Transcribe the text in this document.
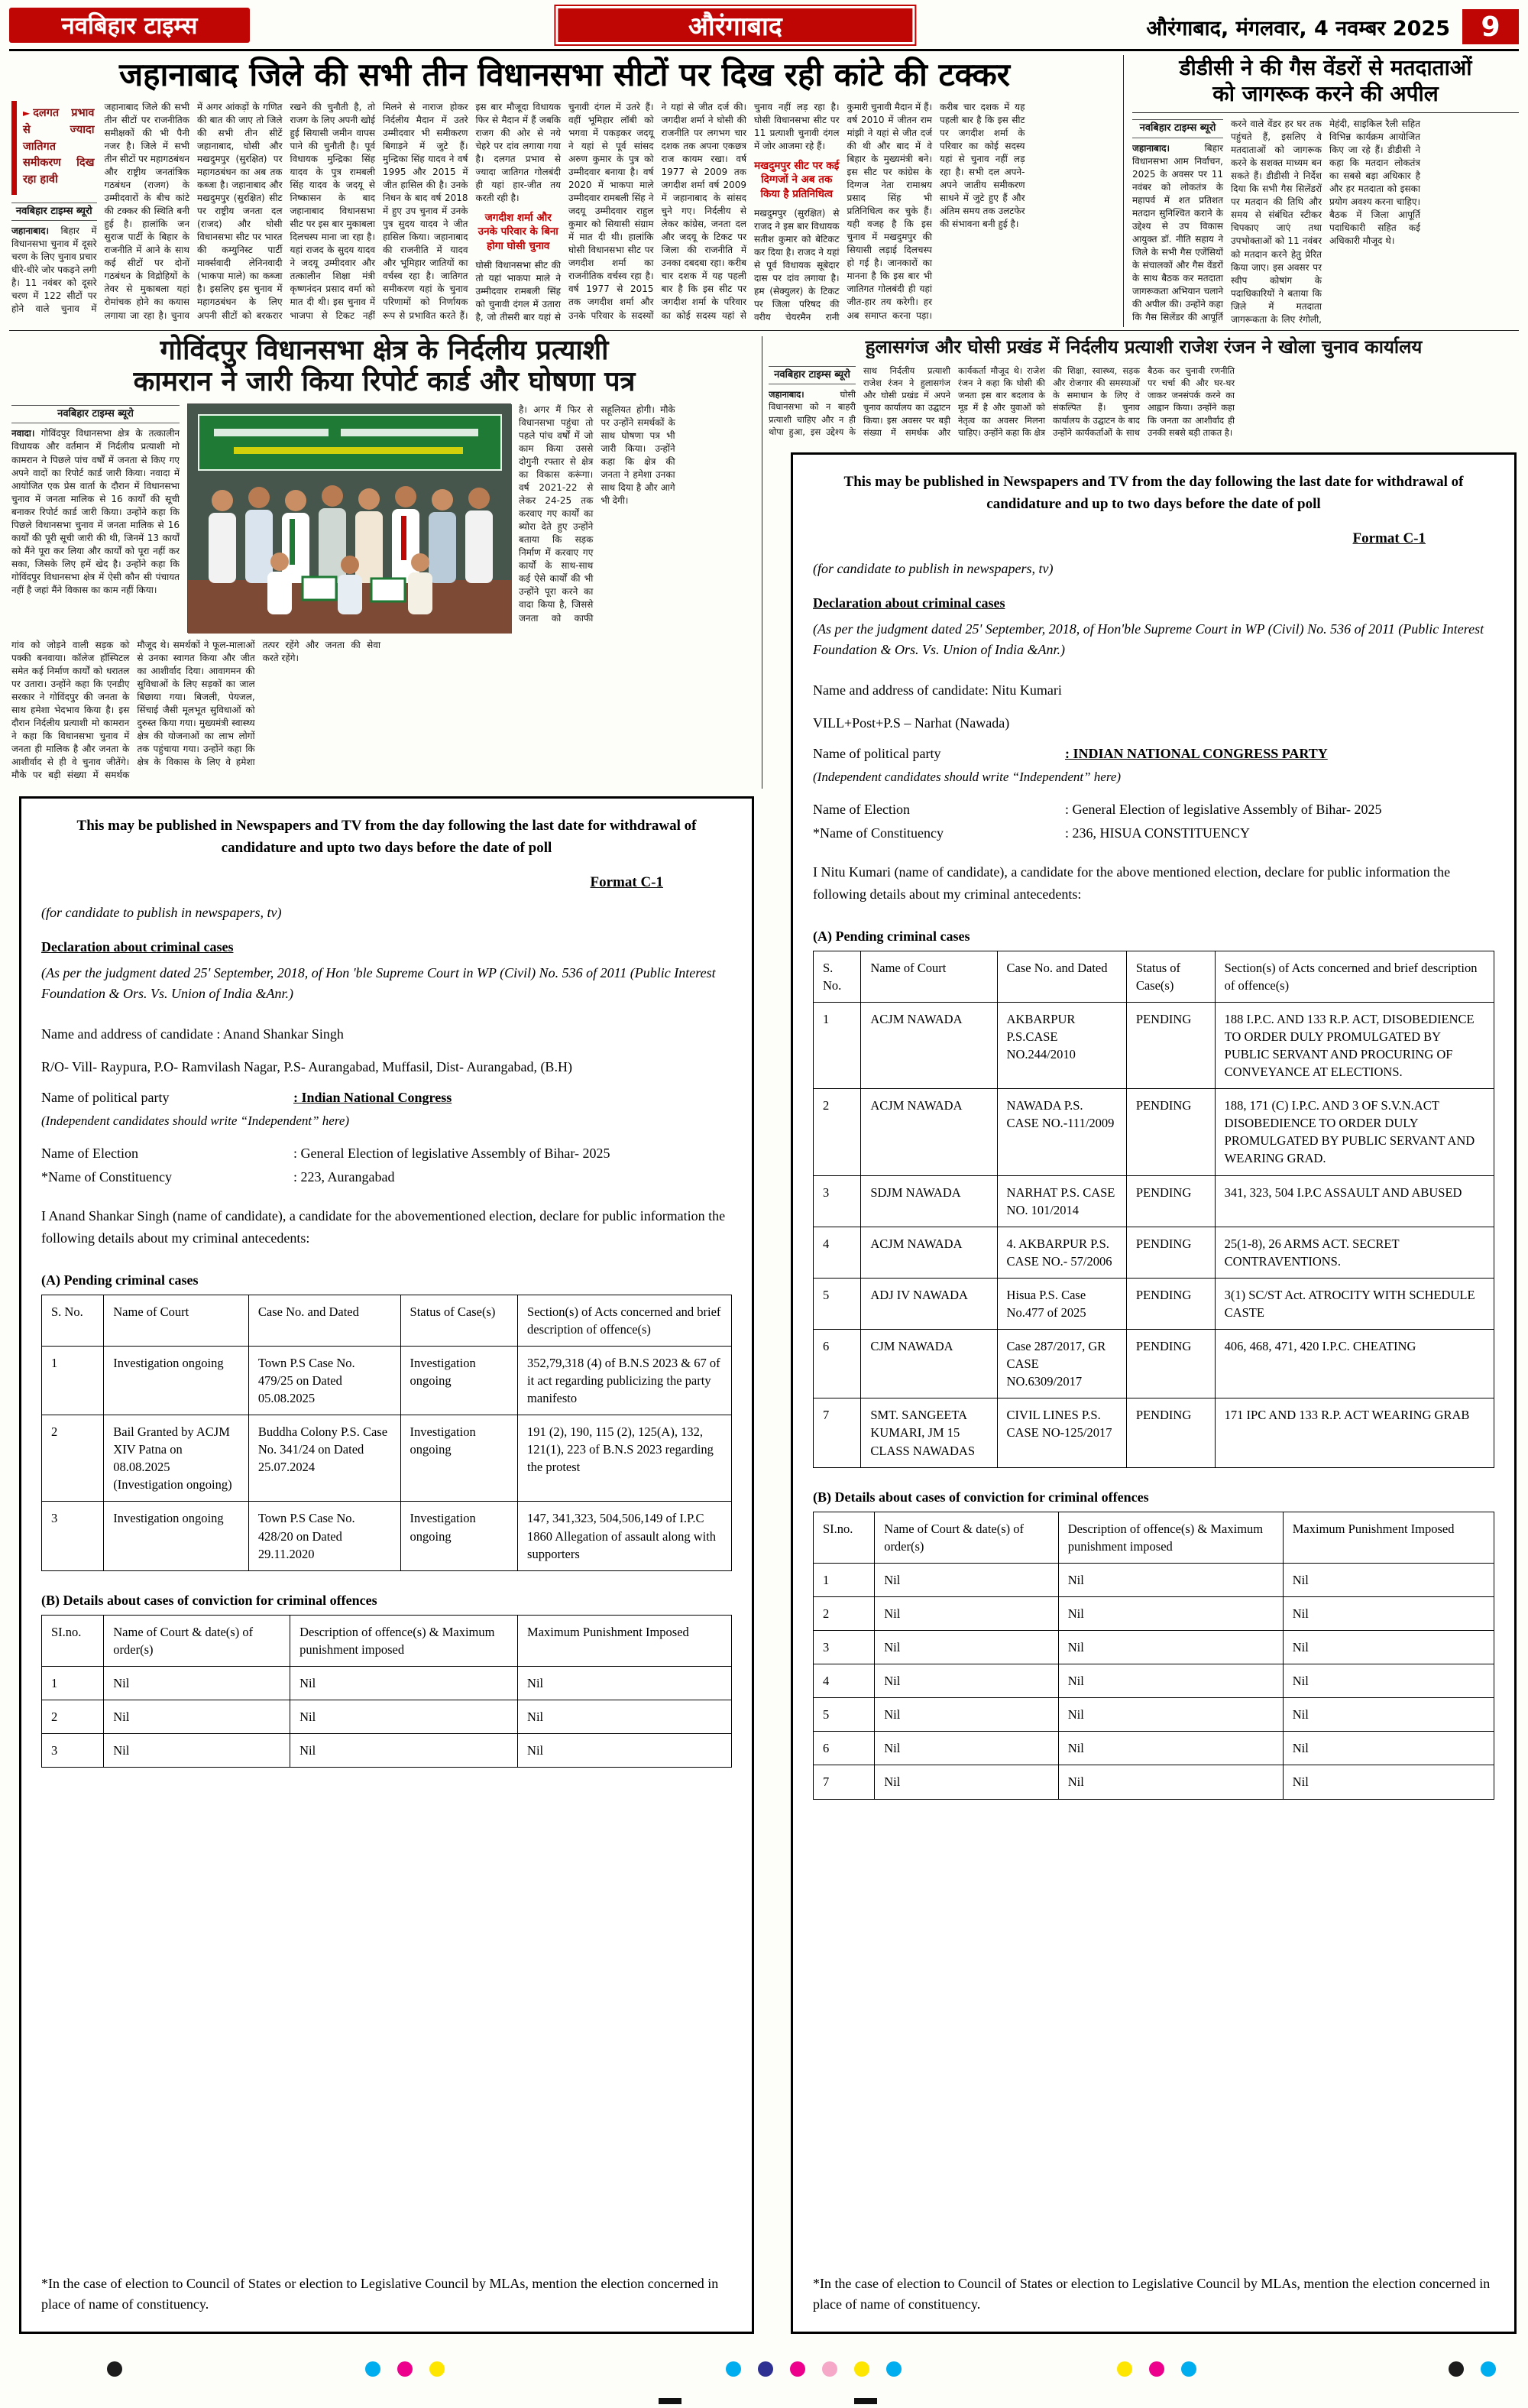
नवबिहार टाइम्स	औरंगाबाद	औरंगाबाद, मंगलवार, 4 नवम्बर 2025	9
जहानाबाद जिले की सभी तीन विधानसभा सीटों पर दिख रही कांटे की टक्कर
► दलगत प्रभाव से ज्यादा जातिगत समीकरण दिख रहा हावी
नवबिहार टाइम्स ब्यूरो
जहानाबाद। बिहार में विधानसभा चुनाव में दूसरे चरण के लिए चुनाव प्रचार धीरे-धीरे जोर पकड़ने लगी है। 11 नवंबर को दूसरे चरण में 122 सीटों पर होने वाले चुनाव में जहानाबाद जिले की सभी तीन सीटों पर राजनीतिक समीक्षकों की भी पैनी नजर है। जिले में सभी तीन सीटों पर महागठबंधन और राष्ट्रीय जनतांत्रिक गठबंधन (राजग) के उम्मीदवारों के बीच कांटे की टक्कर की स्थिति बनी हुई है। हालांकि जन सुराज पार्टी के बिहार के राजनीति में आने के साथ कई सीटों पर दोनों गठबंधन के विद्रोहियों के तेवर से मुकाबला यहां रोमांचक होने का कयास लगाया जा रहा है। चुनाव में अगर आंकड़ों के गणित की बात की जाए तो जिले की सभी तीन सीटें जहानाबाद, घोसी और मखदुमपुर (सुरक्षित) पर महागठबंधन का अब तक कब्जा है। जहानाबाद और मखदुमपुर (सुरक्षित) सीट पर राष्ट्रीय जनता दल (राजद) और घोसी विधानसभा सीट पर भारत की कम्युनिस्ट पार्टी मार्क्सवादी लेनिनवादी (भाकपा माले) का कब्जा है। इसलिए इस चुनाव में महागठबंधन के लिए अपनी सीटों को बरकरार रखने की चुनौती है, तो राजग के लिए अपनी खोई हुई सियासी जमीन वापस पाने की चुनौती है। पूर्व विधायक मुन्द्रिका सिंह यादव के पुत्र रामबली सिंह यादव के जदयू से निष्कासन के बाद जहानाबाद विधानसभा सीट पर इस बार मुकाबला दिलचस्प माना जा रहा है। यहां राजद के सुदय यादव ने जदयू उम्मीदवार और तत्कालीन शिक्षा मंत्री कृष्णनंदन प्रसाद वर्मा को मात दी थी। इस चुनाव में भाजपा से टिकट नहीं मिलने से नाराज होकर निर्दलीय मैदान में उतरे उम्मीदवार भी समीकरण बिगाड़ने में जुटे हैं। मुन्द्रिका सिंह यादव ने वर्ष 1995 और 2015 में जीत हासिल की है। उनके निधन के बाद वर्ष 2018 में हुए उप चुनाव में उनके पुत्र सुदय यादव ने जीत हासिल किया। जहानाबाद की राजनीति में यादव और भूमिहार जातियों का वर्चस्व रहा है। जातिगत समीकरण यहां के चुनाव परिणामों को निर्णायक रूप से प्रभावित करते हैं। इस बार मौजूदा विधायक फिर से मैदान में हैं जबकि राजग की ओर से नये चेहरे पर दांव लगाया गया है। दलगत प्रभाव से ज्यादा जातिगत गोलबंदी ही यहां हार-जीत तय करती रही है।
जगदीश शर्मा और उनके परिवार के बिना होगा घोसी चुनाव
घोसी विधानसभा सीट की तो यहां भाकपा माले ने उम्मीदवार रामबली सिंह को चुनावी दंगल में उतारा है, जो तीसरी बार यहां से चुनावी दंगल में उतरे हैं। वहीं भूमिहार लॉबी को भगवा में पकड़कर जदयू ने यहां से पूर्व सांसद अरुण कुमार के पुत्र को उम्मीदवार बनाया है। वर्ष 2020 में भाकपा माले उम्मीदवार रामबली सिंह ने जदयू उम्मीदवार राहुल कुमार को सियासी संग्राम में मात दी थी। हालांकि घोसी विधानसभा सीट पर जगदीश शर्मा का राजनीतिक वर्चस्व रहा है। वर्ष 1977 से 2015 तक जगदीश शर्मा और उनके परिवार के सदस्यों ने यहां से जीत दर्ज की। जगदीश शर्मा ने घोसी की राजनीति पर लगभग चार दशक तक अपना एकछत्र राज कायम रखा। वर्ष 1977 से 2009 तक जगदीश शर्मा वर्ष 2009 में जहानाबाद के सांसद चुने गए। निर्दलीय से लेकर कांग्रेस, जनता दल और जदयू के टिकट पर जिला की राजनीति में उनका दबदबा रहा। करीब चार दशक में यह पहली बार है कि इस सीट पर जगदीश शर्मा के परिवार का कोई सदस्य यहां से चुनाव नहीं लड़ रहा है। घोसी विधानसभा सीट पर 11 प्रत्याशी चुनावी दंगल में जोर आजमा रहे हैं।
मखदुमपुर सीट पर कई दिग्गजों ने अब तक किया है प्रतिनिधित्व
मखदुमपुर (सुरक्षित) से राजद ने इस बार विधायक सतीश कुमार को बेटिकट कर दिया है। राजद ने यहां से पूर्व विधायक सूबेदार दास पर दांव लगाया है। हम (सेक्युलर) के टिकट पर जिला परिषद की वरीय चेयरमैन रानी कुमारी चुनावी मैदान में हैं। वर्ष 2010 में जीतन राम मांझी ने यहां से जीत दर्ज की थी और बाद में वे बिहार के मुख्यमंत्री बने। इस सीट पर कांग्रेस के दिग्गज नेता रामाश्रय प्रसाद सिंह भी प्रतिनिधित्व कर चुके हैं। यही वजह है कि इस चुनाव में मखदुमपुर की सियासी लड़ाई दिलचस्प हो गई है। जानकारों का मानना है कि इस बार भी जातिगत गोलबंदी ही यहां जीत-हार तय करेगी। हर अब समाप्त करना पड़ा। करीब चार दशक में यह पहली बार है कि इस सीट पर जगदीश शर्मा के परिवार का कोई सदस्य यहां से चुनाव नहीं लड़ रहा है। सभी दल अपने-अपने जातीय समीकरण साधने में जुटे हुए हैं और अंतिम समय तक उलटफेर की संभावना बनी हुई है।
डीडीसी ने की गैस वेंडरों से मतदाताओं
को जागरूक करने की अपील
नवबिहार टाइम्स ब्यूरो
जहानाबाद।	बिहार विधानसभा आम निर्वाचन, 2025 के अवसर पर 11 नवंबर को लोकतंत्र के महापर्व में शत प्रतिशत मतदान सुनिश्चित कराने के उद्देश्य से उप विकास आयुक्त डॉ. नीति सहाय ने जिले के सभी गैस एजेंसियों के संचालकों और गैस वेंडरों के साथ बैठक कर मतदाता जागरूकता अभियान चलाने की अपील की। उन्होंने कहा कि गैस सिलेंडर की आपूर्ति करने वाले वेंडर हर घर तक पहुंचते हैं, इसलिए वे मतदाताओं को जागरूक करने के सशक्त माध्यम बन सकते हैं। डीडीसी ने निर्देश दिया कि सभी गैस सिलेंडरों पर मतदान की तिथि और समय से संबंधित स्टीकर चिपकाए जाएं तथा उपभोक्ताओं को 11 नवंबर को मतदान करने हेतु प्रेरित किया जाए। इस अवसर पर स्वीप कोषांग के पदाधिकारियों ने बताया कि जिले में मतदाता जागरूकता के लिए रंगोली, मेहंदी, साइकिल रैली सहित विभिन्न कार्यक्रम आयोजित किए जा रहे हैं। डीडीसी ने कहा कि मतदान लोकतंत्र का सबसे बड़ा अधिकार है और हर मतदाता को इसका प्रयोग अवश्य करना चाहिए। बैठक में जिला आपूर्ति पदाधिकारी सहित कई अधिकारी मौजूद थे।
गोविंदपुर विधानसभा क्षेत्र के निर्दलीय प्रत्याशी
कामरान ने जारी किया रिपोर्ट कार्ड और घोषणा पत्र
नवबिहार टाइम्स ब्यूरो
नवादा। गोविंदपुर विधानसभा क्षेत्र के तत्कालीन विधायक और वर्तमान में निर्दलीय प्रत्याशी मो कामरान ने पिछले पांच वर्षों में जनता से किए गए अपने वादों का रिपोर्ट कार्ड जारी किया। नवादा में आयोजित एक प्रेस वार्ता के दौरान में विधानसभा चुनाव में जनता मालिक से 16 कार्यों की सूची बनाकर रिपोर्ट कार्ड जारी किया। उन्होंने कहा कि पिछले विधानसभा चुनाव में जनता मालिक से 16 कार्यों की पूरी सूची जारी की थी, जिनमें 13 कार्यों को मैंने पूरा कर लिया और कार्यों को पूरा नहीं कर सका, जिसके लिए हमें खेद है। उन्होंने कहा कि गोविंदपुर विधानसभा क्षेत्र में ऐसी कौन सी पंचायत नहीं है जहां मैंने विकास का काम नहीं किया।
है। अगर मैं फिर से विधानसभा पहुंचा तो पहले पांच वर्षों में जो काम किया उससे दोगुनी रफ्तार से क्षेत्र का विकास करूंगा। वर्ष 2021-22 से लेकर 24-25 तक करवाए गए कार्यों का ब्योरा देते हुए उन्होंने बताया कि सड़क निर्माण में करवाए गए कार्यों के साथ-साथ कई ऐसे कार्यों की भी उन्होंने पूरा करने का वादा किया है, जिससे जनता को काफी सहूलियत होगी। मौके पर उन्होंने समर्थकों के साथ घोषणा पत्र भी जारी किया। उन्होंने कहा कि क्षेत्र की जनता ने हमेशा उनका साथ दिया है और आगे भी देगी।
गांव को जोड़ने वाली सड़क को पक्की बनवाया। कॉलेज हॉस्पिटल समेत कई निर्माण कार्यों को धरातल पर उतारा। उन्होंने कहा कि एनडीए सरकार ने गोविंदपुर की जनता के साथ हमेशा भेदभाव किया है। इस दौरान निर्दलीय प्रत्याशी मो कामरान ने कहा कि विधानसभा चुनाव में जनता ही मालिक है और जनता के आशीर्वाद से ही वे चुनाव जीतेंगे। मौके पर बड़ी संख्या में समर्थक मौजूद थे। समर्थकों ने फूल-मालाओं से उनका स्वागत किया और जीत का आशीर्वाद दिया। आवागमन की सुविधाओं के लिए सड़कों का जाल बिछाया गया। बिजली, पेयजल, सिंचाई जैसी मूलभूत सुविधाओं को दुरुस्त किया गया। मुख्यमंत्री स्वास्थ्य क्षेत्र की योजनाओं का लाभ लोगों तक पहुंचाया गया। उन्होंने कहा कि क्षेत्र के विकास के लिए वे हमेशा तत्पर रहेंगे और जनता की सेवा करते रहेंगे।
हुलासगंज और घोसी प्रखंड में निर्दलीय प्रत्याशी राजेश रंजन ने खोला चुनाव कार्यालय
नवबिहार टाइम्स ब्यूरो
जहानाबाद।	घोसी विधानसभा को न बाहरी प्रत्याशी चाहिए और न ही थोपा हुआ, इस उद्देश्य के साथ निर्दलीय प्रत्याशी राजेश रंजन ने हुलासगंज और घोसी प्रखंड में अपने चुनाव कार्यालय का उद्घाटन किया। इस अवसर पर बड़ी संख्या में समर्थक और कार्यकर्ता मौजूद थे। राजेश रंजन ने कहा कि घोसी की जनता इस बार बदलाव के मूड में है और युवाओं को नेतृत्व का अवसर मिलना चाहिए। उन्होंने कहा कि क्षेत्र की शिक्षा, स्वास्थ्य, सड़क और रोजगार की समस्याओं के समाधान के लिए वे संकल्पित हैं। चुनाव कार्यालय के उद्घाटन के बाद उन्होंने कार्यकर्ताओं के साथ बैठक कर चुनावी रणनीति पर चर्चा की और घर-घर जाकर जनसंपर्क करने का आह्वान किया। उन्होंने कहा कि जनता का आशीर्वाद ही उनकी सबसे बड़ी ताकत है।
This may be published in Newspapers and TV from the day following the last date for withdrawal of candidature and upto two days before the date of poll
Format C-1
(for candidate to publish in newspapers, tv)
Declaration about criminal cases
(As per the judgment dated 25' September, 2018, of Hon 'ble Supreme Court in WP (Civil) No. 536 of 2011 (Public Interest Foundation & Ors. Vs. Union of India &Anr.)
Name and address of candidate : Anand Shankar Singh
R/O- Vill- Raypura, P.O- Ramvilash Nagar, P.S- Aurangabad, Muffasil, Dist- Aurangabad, (B.H)
Name of political party	: Indian National Congress
(Independent candidates should write “Independent” here)
Name of Election	: General Election of legislative Assembly of Bihar- 2025
*Name of Constituency	: 223, Aurangabad
I Anand Shankar Singh (name of candidate), a candidate for the abovementioned election, declare for public information the following details about my criminal antecedents:
(A) Pending criminal cases
S. No.	Name of Court	Case No. and Dated	Status of Case(s)	Section(s) of Acts concerned and brief description of offence(s)
1	Investigation ongoing	Town P.S Case No. 479/25 on Dated 05.08.2025	Investigation ongoing	352,79,318 (4) of B.N.S 2023 & 67 of it act regarding publicizing the party manifesto
2	Bail Granted by ACJM XIV Patna on 08.08.2025 (Investigation ongoing)	Buddha Colony P.S. Case No. 341/24 on Dated 25.07.2024	Investigation ongoing	191 (2), 190, 115 (2), 125(A), 132, 121(1), 223 of B.N.S 2023 regarding the protest
3	Investigation ongoing	Town P.S Case No. 428/20 on Dated 29.11.2020	Investigation ongoing	147, 341,323, 504,506,149 of I.P.C 1860 Allegation of assault along with supporters
(B) Details about cases of conviction for criminal offences
SI.no.	Name of Court & date(s) of order(s)	Description of offence(s) & Maximum punishment imposed	Maximum Punishment Imposed
1	Nil	Nil	Nil
2	Nil	Nil	Nil
3	Nil	Nil	Nil
*In the case of election to Council of States or election to Legislative Council by MLAs, mention the election concerned in place of name of constituency.
This may be published in Newspapers and TV from the day following the last date for withdrawal of candidature and up to two days before the date of poll
Format C-1
(for candidate to publish in newspapers, tv)
Declaration about criminal cases
(As per the judgment dated 25' September, 2018, of Hon'ble Supreme Court in WP (Civil) No. 536 of 2011 (Public Interest Foundation & Ors. Vs. Union of India &Anr.)
Name and address of candidate: Nitu Kumari
VILL+Post+P.S – Narhat (Nawada)
Name of political party	: INDIAN NATIONAL CONGRESS PARTY
(Independent candidates should write “Independent” here)
Name of Election	: General Election of legislative Assembly of Bihar- 2025
*Name of Constituency	: 236, HISUA CONSTITUENCY
I Nitu Kumari (name of candidate), a candidate for the above mentioned election, declare for public information the following details about my criminal antecedents:
(A) Pending criminal cases
S. No.	Name of Court	Case No. and Dated	Status of Case(s)	Section(s) of Acts concerned and brief description of offence(s)
1	ACJM NAWADA	AKBARPUR P.S.CASE NO.244/2010	PENDING	188 I.P.C. AND 133 R.P. ACT, DISOBEDIENCE TO ORDER DULY PROMULGATED BY PUBLIC SERVANT AND PROCURING OF CONVEYANCE AT ELECTIONS.
2	ACJM NAWADA	NAWADA P.S. CASE NO.-111/2009	PENDING	188, 171 (C) I.P.C. AND 3 OF S.V.N.ACT DISOBEDIENCE TO ORDER DULY PROMULGATED BY PUBLIC SERVANT AND WEARING GRAD.
3	SDJM NAWADA	NARHAT P.S. CASE NO. 101/2014	PENDING	341, 323, 504 I.P.C ASSAULT AND ABUSED
4	ACJM NAWADA	4. AKBARPUR P.S. CASE NO.- 57/2006	PENDING	25(1-8), 26 ARMS ACT. SECRET CONTRAVENTIONS.
5	ADJ IV NAWADA	Hisua P.S. Case No.477 of 2025	PENDING	3(1) SC/ST Act. ATROCITY WITH SCHEDULE CASTE
6	CJM NAWADA	Case 287/2017, GR CASE NO.6309/2017	PENDING	406, 468, 471, 420 I.P.C. CHEATING
7	SMT. SANGEETA KUMARI, JM 15 CLASS NAWADAS	CIVIL LINES P.S. CASE NO-125/2017	PENDING	171 IPC AND 133 R.P. ACT WEARING GRAB
(B) Details about cases of conviction for criminal offences
SI.no.	Name of Court & date(s) of order(s)	Description of offence(s) & Maximum punishment imposed	Maximum Punishment Imposed
1	Nil	Nil	Nil
2	Nil	Nil	Nil
3	Nil	Nil	Nil
4	Nil	Nil	Nil
5	Nil	Nil	Nil
6	Nil	Nil	Nil
7	Nil	Nil	Nil
*In the case of election to Council of States or election to Legislative Council by MLAs, mention the election concerned in place of name of constituency.
